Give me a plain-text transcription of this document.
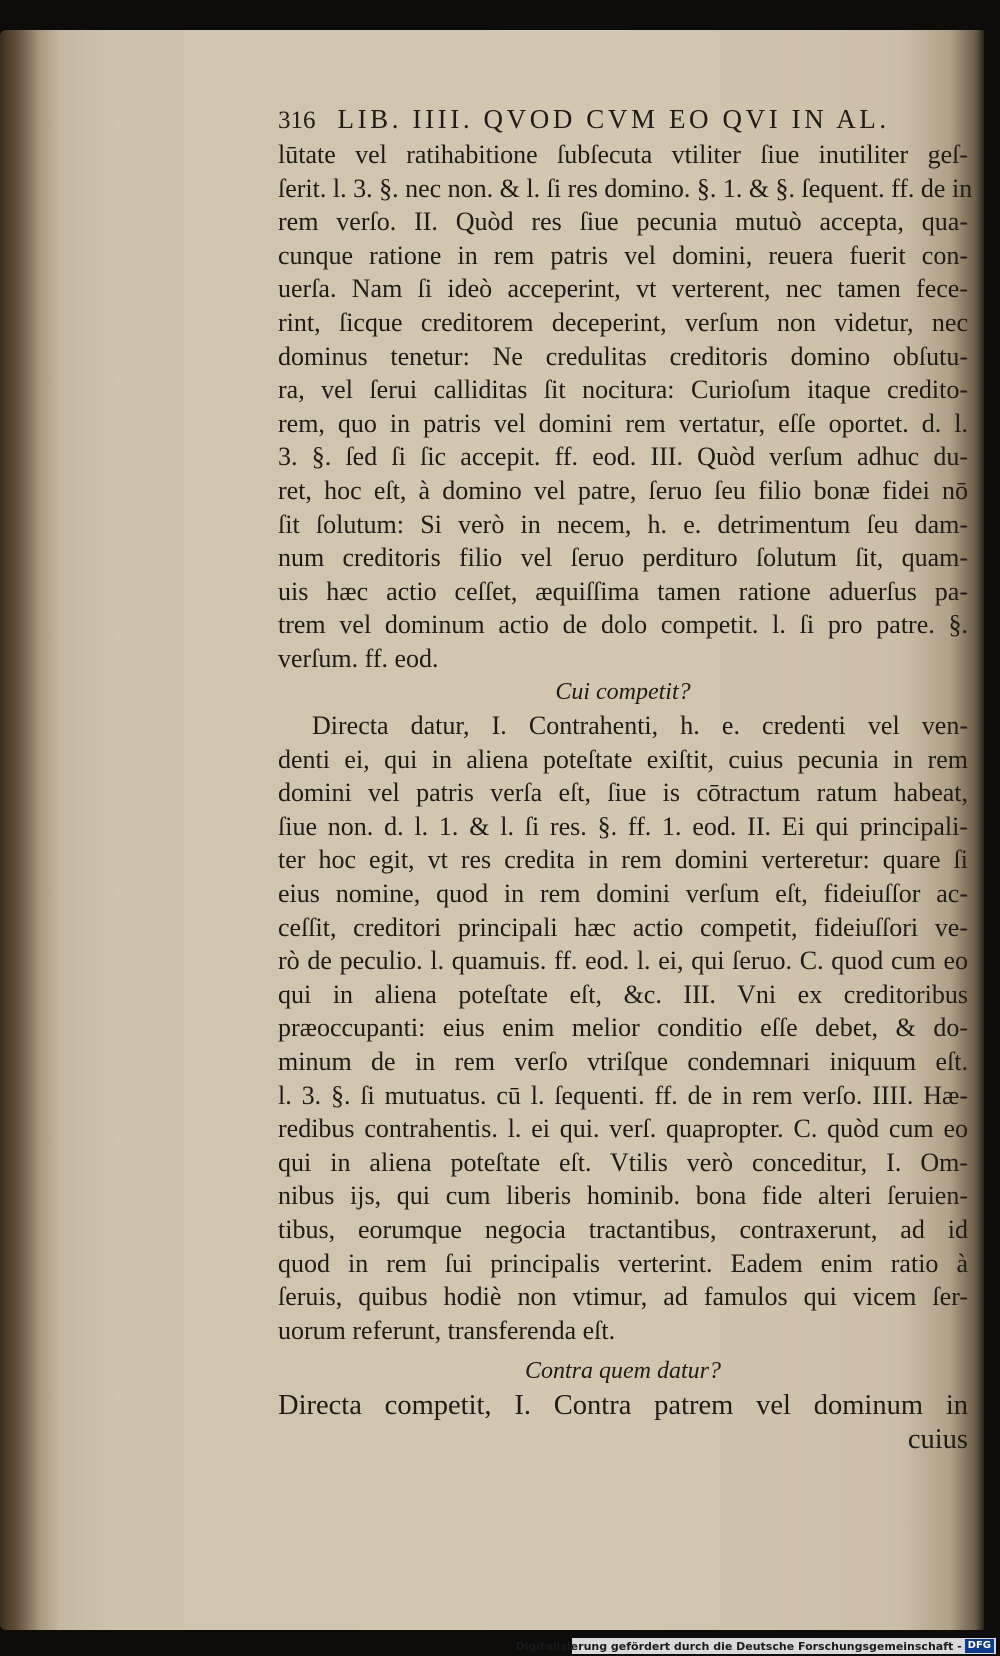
316 LIB. IIII. QVOD CVM EO QVI IN AL.
lūtate vel ratihabitione ſubſecuta vtiliter ſiue inutiliter geſ-
ſerit. l. 3. §. nec non. & l. ſi res domino. §. 1. & §. ſequent. ff. de in
rem verſo. II. Quòd res ſiue pecunia mutuò accepta, qua-
cunque ratione in rem patris vel domini, reuera fuerit con-
uerſa. Nam ſi ideò acceperint, vt verterent, nec tamen fece-
rint, ſicque creditorem deceperint, verſum non videtur, nec
dominus tenetur: Ne credulitas creditoris domino obſutu-
ra, vel ſerui calliditas ſit nocitura: Curioſum itaque credito-
rem, quo in patris vel domini rem vertatur, eſſe oportet. d. l.
3. §. ſed ſi ſic accepit. ff. eod. III. Quòd verſum adhuc du-
ret, hoc eſt, à domino vel patre, ſeruo ſeu filio bonæ fidei nō
ſit ſolutum: Si verò in necem, h. e. detrimentum ſeu dam-
num creditoris filio vel ſeruo perdituro ſolutum ſit, quam-
uis hæc actio ceſſet, æquiſſima tamen ratione aduerſus pa-
trem vel dominum actio de dolo competit. l. ſi pro patre. §.
verſum. ff. eod.
Cui competit?
Directa datur, I. Contrahenti, h. e. credenti vel ven-
denti ei, qui in aliena poteſtate exiſtit, cuius pecunia in rem
domini vel patris verſa eſt, ſiue is cōtractum ratum habeat,
ſiue non. d. l. 1. & l. ſi res. §. ff. 1. eod. II. Ei qui principali-
ter hoc egit, vt res credita in rem domini verteretur: quare ſi
eius nomine, quod in rem domini verſum eſt, fideiuſſor ac-
ceſſit, creditori principali hæc actio competit, fideiuſſori ve-
rò de peculio. l. quamuis. ff. eod. l. ei, qui ſeruo. C. quod cum eo
qui in aliena poteſtate eſt, &c. III. Vni ex creditoribus
præoccupanti: eius enim melior conditio eſſe debet, & do-
minum de in rem verſo vtriſque condemnari iniquum eſt.
l. 3. §. ſi mutuatus. cū l. ſequenti. ff. de in rem verſo. IIII. Hæ-
redibus contrahentis. l. ei qui. verſ. quapropter. C. quòd cum eo
qui in aliena poteſtate eſt. Vtilis verò conceditur, I. Om-
nibus ijs, qui cum liberis hominib. bona fide alteri ſeruien-
tibus, eorumque negocia tractantibus, contraxerunt, ad id
quod in rem ſui principalis verterint. Eadem enim ratio à
ſeruis, quibus hodiè non vtimur, ad famulos qui vicem ſer-
uorum referunt, transferenda eſt.
Contra quem datur?
Directa competit, I. Contra patrem vel dominum in
cuius
Digitalisierung gefördert durch die Deutsche Forschungsgemeinschaft - DFG
